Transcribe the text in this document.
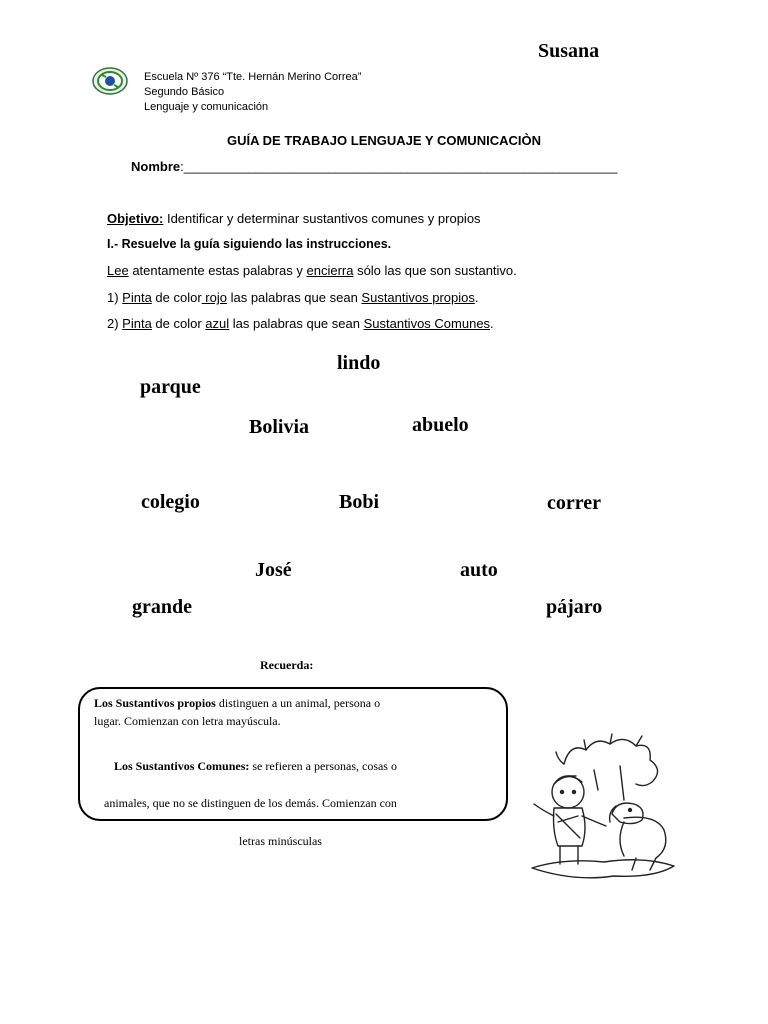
Susana
Escuela Nº 376 “Tte. Hernán Merino Correa”
Segundo Básico
Lenguaje y comunicación
GUÍA DE TRABAJO LENGUAJE Y COMUNICACIÒN
Nombre:____________________________________________________________
Objetivo: Identificar y determinar sustantivos comunes y propios
I.- Resuelve la guía siguiendo las instrucciones.
Lee atentamente estas palabras y encierra sólo las que son sustantivo.
1) Pinta de color rojo las palabras que sean Sustantivos propios.
2) Pinta de color azul las palabras que sean Sustantivos Comunes.
lindo
parque
Bolivia	abuelo
colegio	Bobi	correr
José	auto
grande	pájaro
Recuerda:
Los Sustantivos propios distinguen a un animal, persona o
lugar. Comienzan con letra mayúscula.
Los Sustantivos Comunes: se refieren a personas, cosas o
animales, que no se distinguen de los demás. Comienzan con
letras minúsculas
